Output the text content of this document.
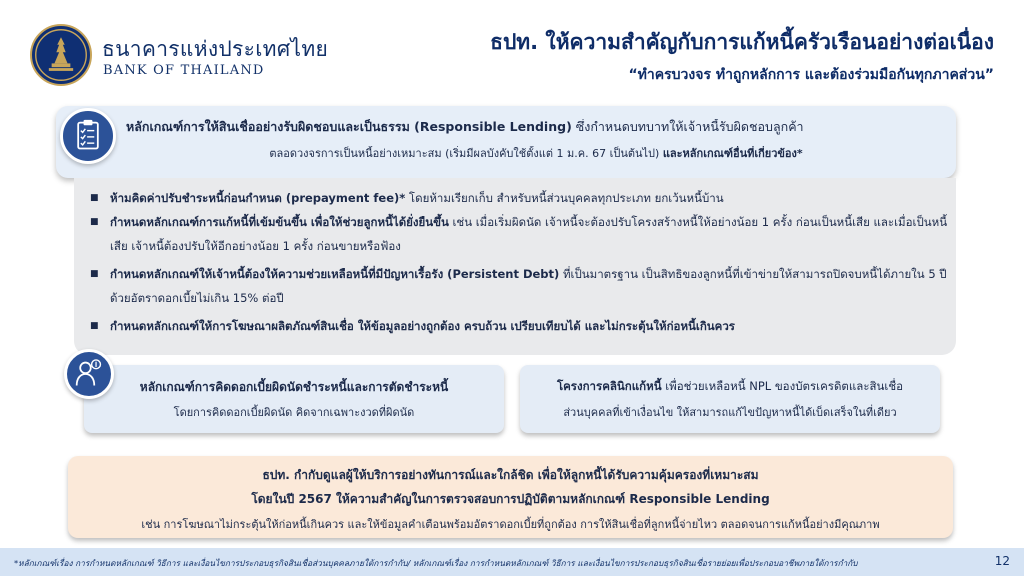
ธนาคารแห่งประเทศไทย
BANK OF THAILAND
ธปท. ให้ความสำคัญกับการแก้หนี้ครัวเรือนอย่างต่อเนื่อง
“ทำครบวงจร ทำถูกหลักการ และต้องร่วมมือกันทุกภาคส่วน”
หลักเกณฑ์การให้สินเชื่ออย่างรับผิดชอบและเป็นธรรม (Responsible Lending) ซึ่งกำหนดบทบาทให้เจ้าหนี้รับผิดชอบลูกค้า
ตลอดวงจรการเป็นหนี้อย่างเหมาะสม (เริ่มมีผลบังคับใช้ตั้งแต่ 1 ม.ค. 67 เป็นต้นไป) และหลักเกณฑ์อื่นที่เกี่ยวข้อง*
■ ห้ามคิดค่าปรับชำระหนี้ก่อนกำหนด (prepayment fee)* โดยห้ามเรียกเก็บ สำหรับหนี้ส่วนบุคคลทุกประเภท ยกเว้นหนี้บ้าน
■ กำหนดหลักเกณฑ์การแก้หนี้ที่เข้มข้นขึ้น เพื่อให้ช่วยลูกหนี้ได้ยั่งยืนขึ้น เช่น เมื่อเริ่มผิดนัด เจ้าหนี้จะต้องปรับโครงสร้างหนี้ให้อย่างน้อย 1 ครั้ง ก่อนเป็นหนี้เสีย และเมื่อเป็นหนี้เสีย เจ้าหนี้ต้องปรับให้อีกอย่างน้อย 1 ครั้ง ก่อนขายหรือฟ้อง
■ กำหนดหลักเกณฑ์ให้เจ้าหนี้ต้องให้ความช่วยเหลือหนี้ที่มีปัญหาเรื้อรัง (Persistent Debt) ที่เป็นมาตรฐาน เป็นสิทธิของลูกหนี้ที่เข้าข่ายให้สามารถปิดจบหนี้ได้ภายใน 5 ปี ด้วยอัตราดอกเบี้ยไม่เกิน 15% ต่อปี
■ กำหนดหลักเกณฑ์ให้การโฆษณาผลิตภัณฑ์สินเชื่อ ให้ข้อมูลอย่างถูกต้อง ครบถ้วน เปรียบเทียบได้ และไม่กระตุ้นให้ก่อหนี้เกินควร
หลักเกณฑ์การคิดดอกเบี้ยผิดนัดชำระหนี้และการตัดชำระหนี้
โดยการคิดดอกเบี้ยผิดนัด คิดจากเฉพาะงวดที่ผิดนัด
โครงการคลินิกแก้หนี้ เพื่อช่วยเหลือหนี้ NPL ของบัตรเครดิตและสินเชื่อ
ส่วนบุคคลที่เข้าเงื่อนไข ให้สามารถแก้ไขปัญหาหนี้ได้เบ็ดเสร็จในที่เดียว
ธปท. กำกับดูแลผู้ให้บริการอย่างทันการณ์และใกล้ชิด เพื่อให้ลูกหนี้ได้รับความคุ้มครองที่เหมาะสม
โดยในปี 2567 ให้ความสำคัญในการตรวจสอบการปฏิบัติตามหลักเกณฑ์ Responsible Lending
เช่น การโฆษณาไม่กระตุ้นให้ก่อหนี้เกินควร และให้ข้อมูลคำเตือนพร้อมอัตราดอกเบี้ยที่ถูกต้อง การให้สินเชื่อที่ลูกหนี้จ่ายไหว ตลอดจนการแก้หนี้อย่างมีคุณภาพ
*หลักเกณฑ์เรื่อง การกำหนดหลักเกณฑ์ วิธีการ และเงื่อนไขการประกอบธุรกิจสินเชื่อส่วนบุคคลภายใต้การกำกับ/ หลักเกณฑ์เรื่อง การกำหนดหลักเกณฑ์ วิธีการ และเงื่อนไขการประกอบธุรกิจสินเชื่อรายย่อยเพื่อประกอบอาชีพภายใต้การกำกับ	12
